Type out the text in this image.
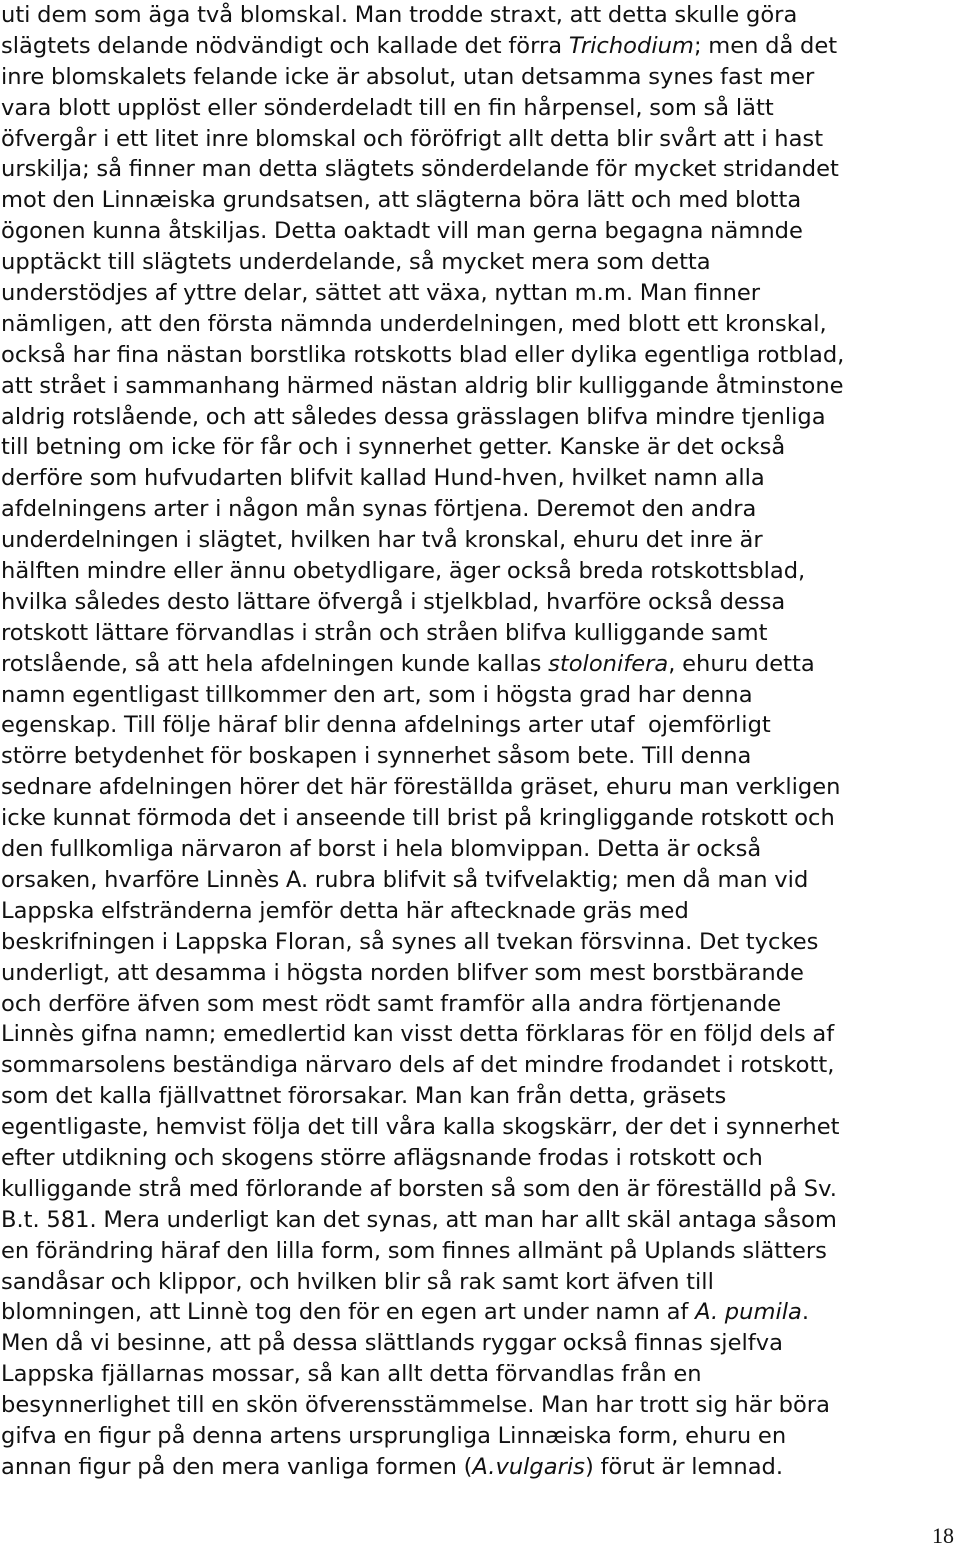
uti dem som äga två blomskal. Man trodde straxt, att detta skulle göra
slägtets delande nödvändigt och kallade det förra Trichodium; men då det
inre blomskalets felande icke är absolut, utan detsamma synes fast mer
vara blott upplöst eller sönderdeladt till en fin hårpensel, som så lätt
öfvergår i ett litet inre blomskal och föröfrigt allt detta blir svårt att i hast
urskilja; så finner man detta slägtets sönderdelande för mycket stridandet
mot den Linnæiska grundsatsen, att slägterna böra lätt och med blotta
ögonen kunna åtskiljas. Detta oaktadt vill man gerna begagna nämnde
upptäckt till slägtets underdelande, så mycket mera som detta
understödjes af yttre delar, sättet att växa, nyttan m.m. Man finner
nämligen, att den första nämnda underdelningen, med blott ett kronskal,
också har fina nästan borstlika rotskotts blad eller dylika egentliga rotblad,
att strået i sammanhang härmed nästan aldrig blir kulliggande åtminstone
aldrig rotslående, och att således dessa grässlagen blifva mindre tjenliga
till betning om icke för får och i synnerhet getter. Kanske är det också
derföre som hufvudarten blifvit kallad Hund-hven, hvilket namn alla
afdelningens arter i någon mån synas förtjena. Deremot den andra
underdelningen i slägtet, hvilken har två kronskal, ehuru det inre är
hälften mindre eller ännu obetydligare, äger också breda rotskottsblad,
hvilka således desto lättare öfvergå i stjelkblad, hvarföre också dessa
rotskott lättare förvandlas i strån och stråen blifva kulliggande samt
rotslående, så att hela afdelningen kunde kallas stolonifera, ehuru detta
namn egentligast tillkommer den art, som i högsta grad har denna
egenskap. Till följe häraf blir denna afdelnings arter utaf  ojemförligt
större betydenhet för boskapen i synnerhet såsom bete. Till denna
sednare afdelningen hörer det här föreställda gräset, ehuru man verkligen
icke kunnat förmoda det i anseende till brist på kringliggande rotskott och
den fullkomliga närvaron af borst i hela blomvippan. Detta är också
orsaken, hvarföre Linnès A. rubra blifvit så tvifvelaktig; men då man vid
Lappska elfstränderna jemför detta här aftecknade gräs med
beskrifningen i Lappska Floran, så synes all tvekan försvinna. Det tyckes
underligt, att desamma i högsta norden blifver som mest borstbärande
och derföre äfven som mest rödt samt framför alla andra förtjenande
Linnès gifna namn; emedlertid kan visst detta förklaras för en följd dels af
sommarsolens beständiga närvaro dels af det mindre frodandet i rotskott,
som det kalla fjällvattnet förorsakar. Man kan från detta, gräsets
egentligaste, hemvist följa det till våra kalla skogskärr, der det i synnerhet
efter utdikning och skogens större aflägsnande frodas i rotskott och
kulliggande strå med förlorande af borsten så som den är föreställd på Sv.
B.t. 581. Mera underligt kan det synas, att man har allt skäl antaga såsom
en förändring häraf den lilla form, som finnes allmänt på Uplands slätters
sandåsar och klippor, och hvilken blir så rak samt kort äfven till
blomningen, att Linnè tog den för en egen art under namn af A. pumila.
Men då vi besinne, att på dessa slättlands ryggar också finnas sjelfva
Lappska fjällarnas mossar, så kan allt detta förvandlas från en
besynnerlighet till en skön öfverensstämmelse. Man har trott sig här böra
gifva en figur på denna artens ursprungliga Linnæiska form, ehuru en
annan figur på den mera vanliga formen (A.vulgaris) förut är lemnad.
18
